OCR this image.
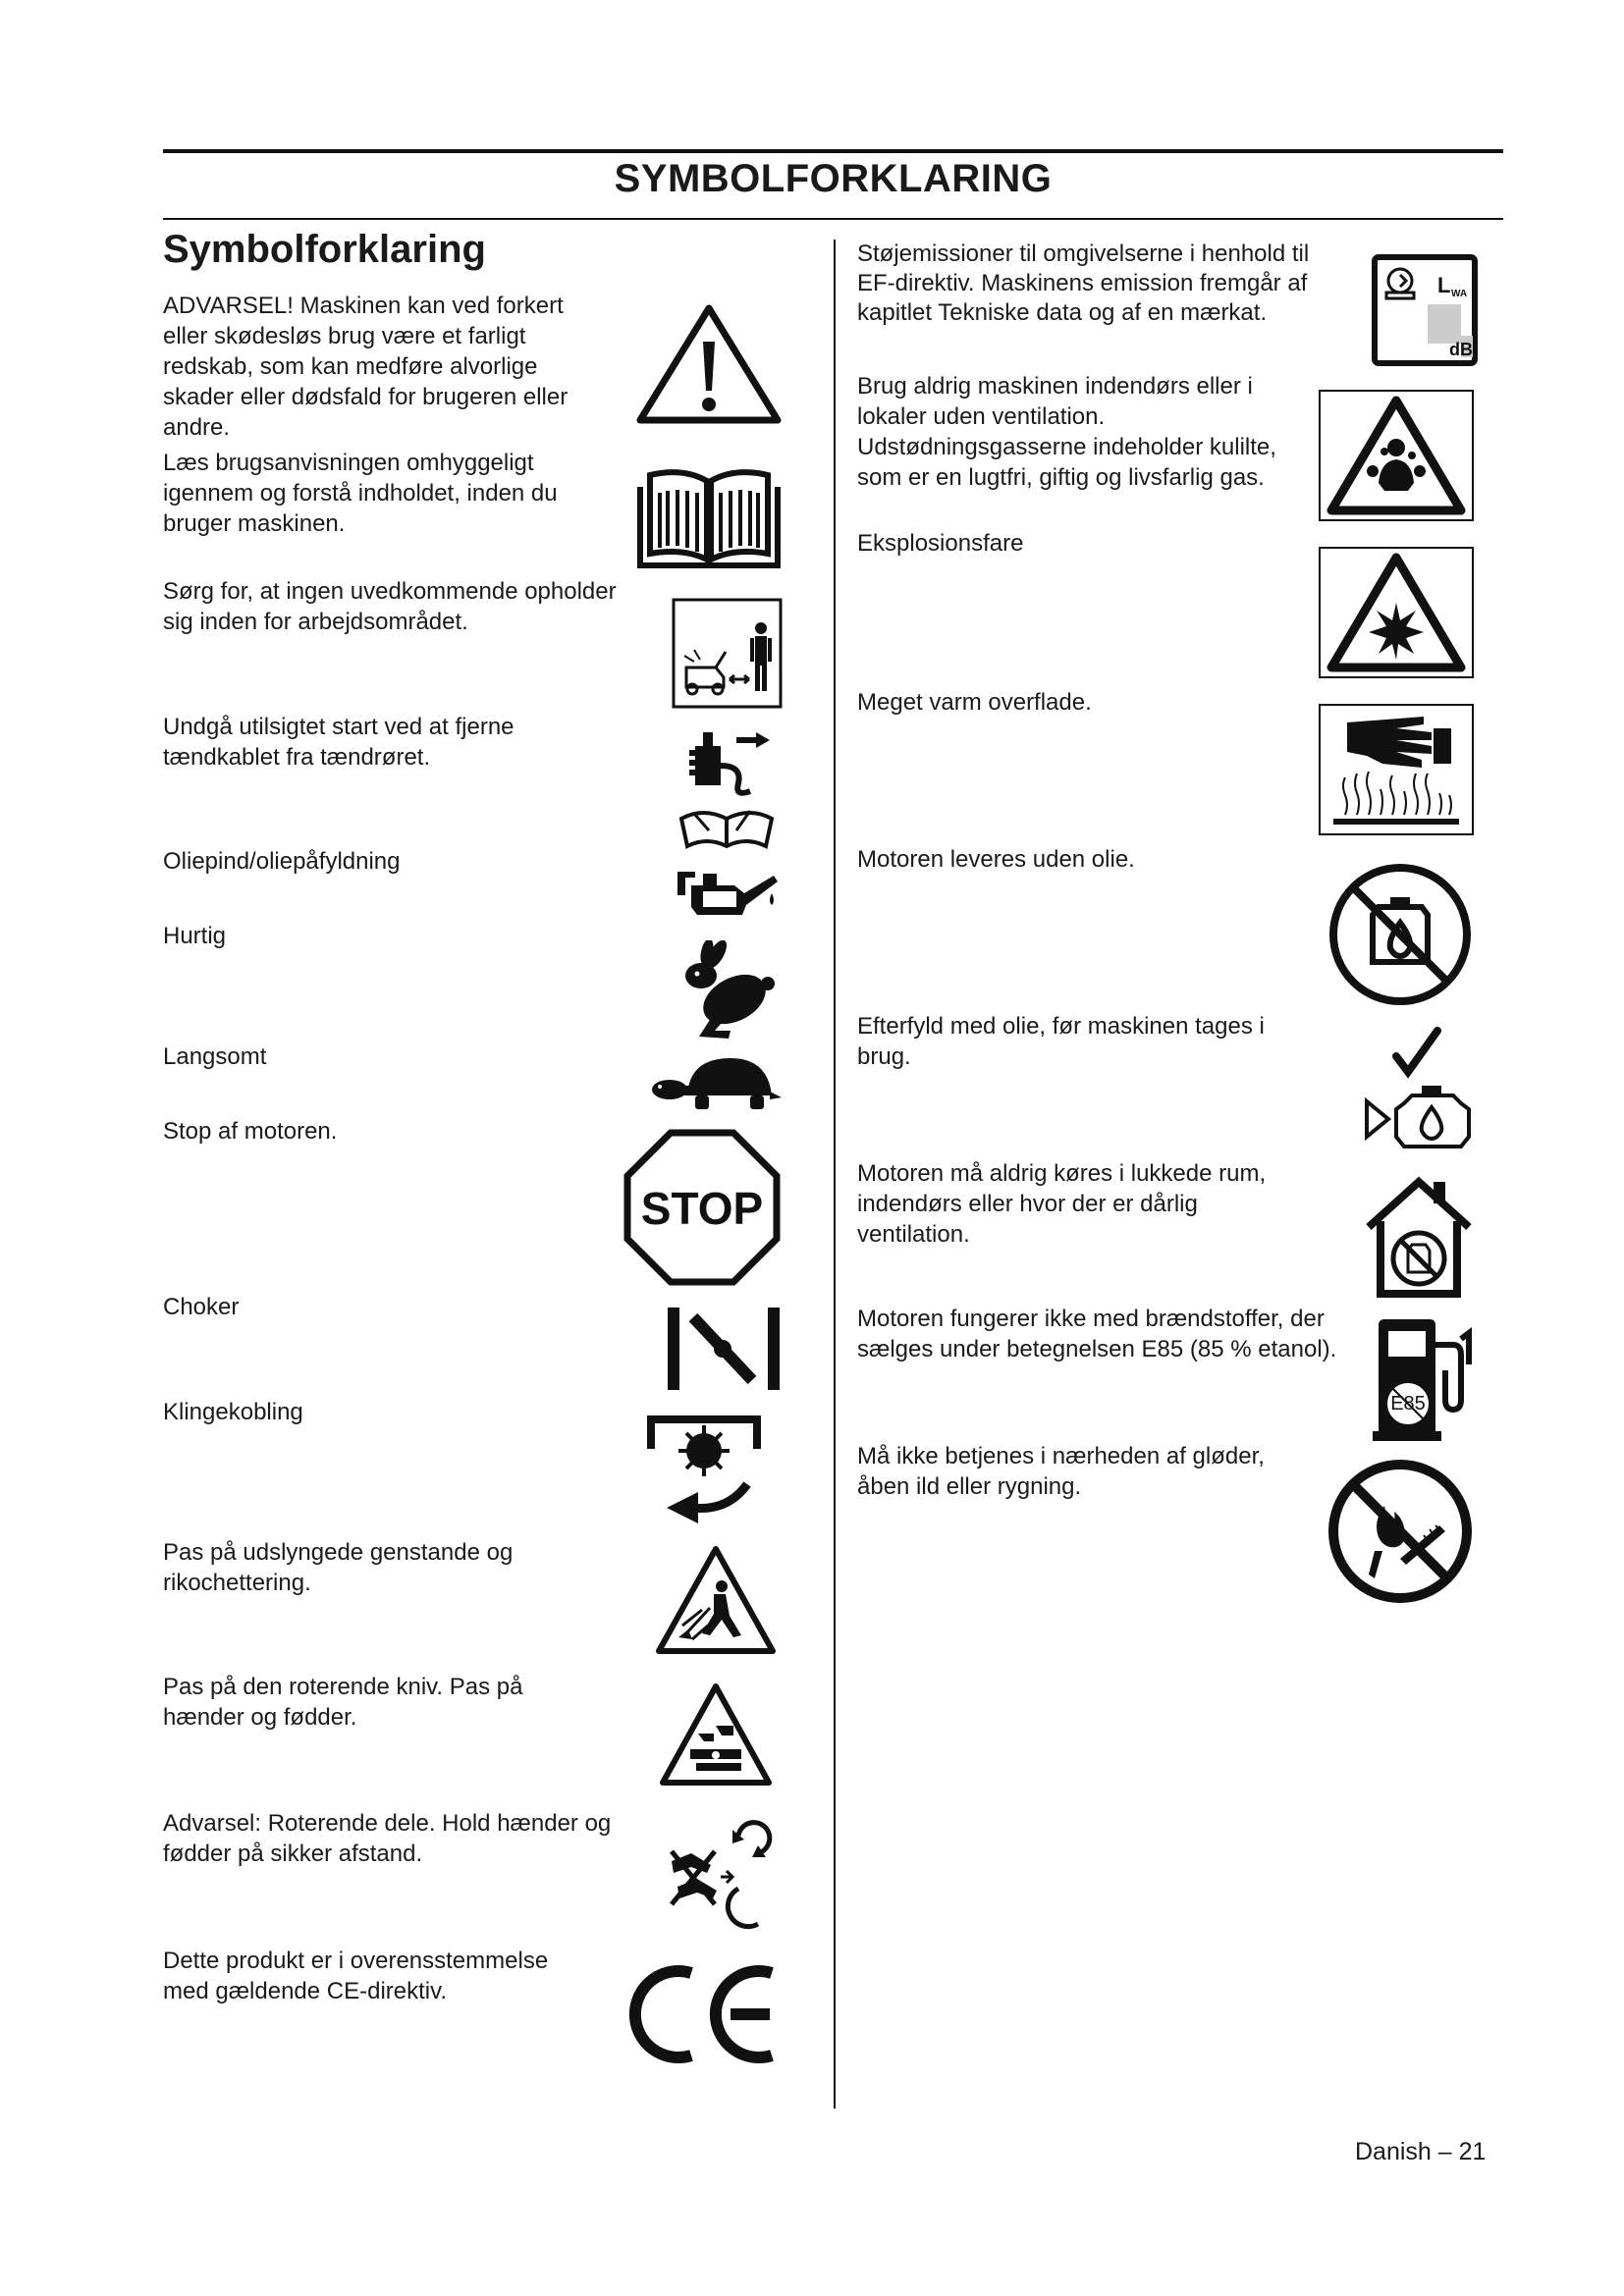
SYMBOLFORKLARING
Symbolforklaring
ADVARSEL! Maskinen kan ved forkert eller skødesløs brug være et farligt redskab, som kan medføre alvorlige skader eller dødsfald for brugeren eller andre.
Læs brugsanvisningen omhyggeligt igennem og forstå indholdet, inden du bruger maskinen.
Sørg for, at ingen uvedkommende opholder sig inden for arbejdsområdet.
Undgå utilsigtet start ved at fjerne tændkablet fra tændrøret.
Oliepind/oliepåfyldning
Hurtig
Langsomt
Stop af motoren.
Choker
Klingekobling
Pas på udslyngede genstande og rikochettering.
Pas på den roterende kniv. Pas på hænder og fødder.
Advarsel: Roterende dele. Hold hænder og fødder på sikker afstand.
Dette produkt er i overensstemmelse med gældende CE-direktiv.
STOP
Støjemissioner til omgivelserne i henhold til EF-direktiv. Maskinens emission fremgår af kapitlet Tekniske data og af en mærkat.
Brug aldrig maskinen indendørs eller i lokaler uden ventilation. Udstødningsgasserne indeholder kulilte, som er en lugtfri, giftig og livsfarlig gas.
Eksplosionsfare
Meget varm overflade.
Motoren leveres uden olie.
Efterfyld med olie, før maskinen tages i brug.
Motoren må aldrig køres i lukkede rum, indendørs eller hvor der er dårlig ventilation.
Motoren fungerer ikke med brændstoffer, der sælges under betegnelsen E85 (85 % etanol).
Må ikke betjenes i nærheden af gløder, åben ild eller rygning.
L WA
dB
E85
Danish – 21
